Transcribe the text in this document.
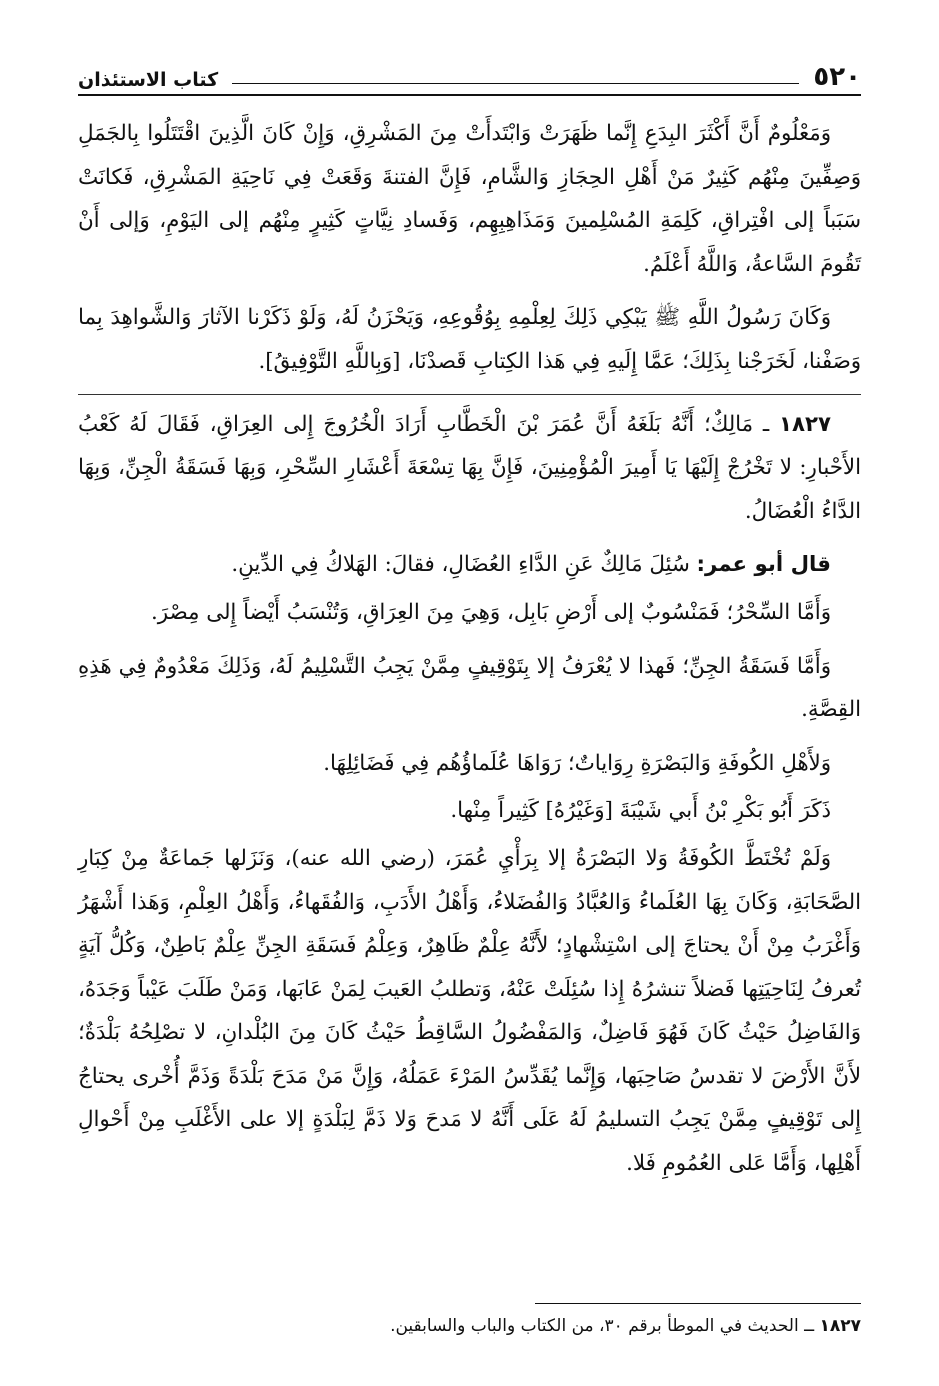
٥٢٠
كتاب الاستئذان

وَمَعْلُومٌ أَنَّ أَكْثَرَ البِدَعِ إِنَّما ظَهَرَتْ وَابْتَدأَتْ مِنَ المَشْرِقِ، وَإِنْ كَانَ الَّذِينَ اقْتَتَلُوا بِالجَمَلِ وَصِفِّينَ مِنْهُم كَثِيرٌ مَنْ أَهْلِ الحِجَازِ وَالشَّامِ، فَإِنَّ الفتنةَ وَقَعَتْ فِي نَاحِيَةِ المَشْرِقِ، فَكانَتْ سَبَباً إلى افْتِراقِ، كَلِمَةِ المُسْلِمينَ وَمَذَاهِبِهِم، وَفَسادِ نِيَّاتٍ كَثِيرٍ مِنْهُم إلى اليَوْمِ، وَإلى أَنْ تَقُومَ السَّاعةُ، وَاللَّهُ أَعْلَمُ.

وَكَانَ رَسُولُ اللَّهِ ﷺ يَبْكِي ذَلِكَ لِعِلْمِهِ بِوُقُوعِهِ، وَيَحْزَنُ لَهُ، وَلَوْ ذَكَرْنا الآثارَ وَالشَّواهِدَ بِما وَصَفْنا، لَخَرَجْنا بِذَلِكَ؛ عَمَّا إِلَيهِ فِي هَذا الكِتابِ قَصدْنَا، [وَبِاللَّهِ التَّوْفِيقُ].

١٨٢٧ ـ مَالِكٌ؛ أَنَّهُ بَلَغَهُ أَنَّ عُمَرَ بْنَ الْخَطَّابِ أَرَادَ الْخُرُوجَ إِلى العِرَاقِ، فَقَالَ لَهُ كَعْبُ الأَحْبارِ: لا تَخْرُجْ إِلَيْهَا يَا أَمِيرَ الْمُؤْمِنِينَ، فَإِنَّ بِهَا تِسْعَةَ أَعْشَارِ السِّحْرِ، وَبِهَا فَسَقَةُ الْجِنِّ، وَبِهَا الدَّاءُ الْعُضَالُ.

قال أبو عمر: سُئِلَ مَالِكٌ عَنِ الدَّاءِ العُضَالِ، فقالَ: الهَلاكُ فِي الدِّينِ.

وَأَمَّا السِّحْرُ؛ فَمَنْسُوبٌ إلى أَرْضِ بَابِل، وَهِيَ مِنَ العِرَاقِ، وَتُنْسَبُ أَيْضاً إِلى مِصْرَ.

وَأَمَّا فَسَقَةُ الجِنِّ؛ فَهذا لا يُعْرَفُ إلا بِتَوْقِيفٍ مِمَّنْ يَجِبُ التَّسْلِيمُ لَهُ، وَذَلِكَ مَعْدُومٌ فِي هَذِهِ القِصَّةِ.

وَلأَهْلِ الكُوفَةِ وَالبَصْرَةِ رِوَاياتٌ؛ رَوَاهَا عُلَماؤُهُم فِي فَضَائِلِهَا.

ذَكَرَ أَبُو بَكْرِ بْنُ أَبي شَيْبَةَ [وَغَيْرُهُ] كَثِيراً مِنْها.

وَلَمْ تُخْتَطَّ الكُوفَةُ وَلا البَصْرَةُ إلا بِرَأْيِ عُمَرَ، (رضي الله عنه)، وَنَزَلها جَماعَةٌ مِنْ كِبَارِ الصَّحَابَةِ، وَكَانَ بِهَا العُلَماءُ وَالعُبَّادُ وَالفُضَلاءُ، وَأَهْلُ الأَدَبِ، وَالفُقَهاءُ، وَأَهْلُ العِلْمِ، وَهَذا أَشْهَرُ وَأَغْرَبُ مِنْ أَنْ يحتاجَ إلى اسْتِشْهادٍ؛ لأَنَّهُ عِلْمٌ ظَاهِرٌ، وَعِلْمُ فَسَقَةِ الجِنِّ عِلْمٌ بَاطِنٌ، وَكُلُّ آيَةٍ تُعرفُ لِنَاحِيَتِها فَضلاً تنشرُهُ إِذا سُئِلَتْ عَنْهُ، وَتطلبُ العَيبَ لِمَنْ عَابَها، وَمَنْ طَلَبَ عَيْباً وَجَدَهُ، وَالفَاضِلُ حَيْثُ كَانَ فَهُوَ فَاضِلٌ، وَالمَفْضُولُ السَّاقِطُ حَيْثُ كَانَ مِنَ البُلْدانِ، لا تصْلِحُهُ بَلْدَةٌ؛ لأَنَّ الأَرْضَ لا تقدسُ صَاحِبَها، وَإِنَّما يُقَدِّسُ المَرْءَ عَمَلُهُ، وَإِنَّ مَنْ مَدَحَ بَلْدَةً وَذَمَّ أُخْرى يحتاجُ إِلى تَوْقِيفٍ مِمَّنْ يَجِبُ التسليمُ لَهُ عَلَى أَنَّهُ لا مَدحَ وَلا ذَمَّ لِبَلْدَةٍ إلا على الأَغْلَبِ مِنْ أَحْوالِ أَهْلِها، وَأَمَّا عَلى العُمُومِ فَلا.

١٨٢٧ ــ الحديث في الموطأ برقم ٣٠، من الكتاب والباب والسابقين.
